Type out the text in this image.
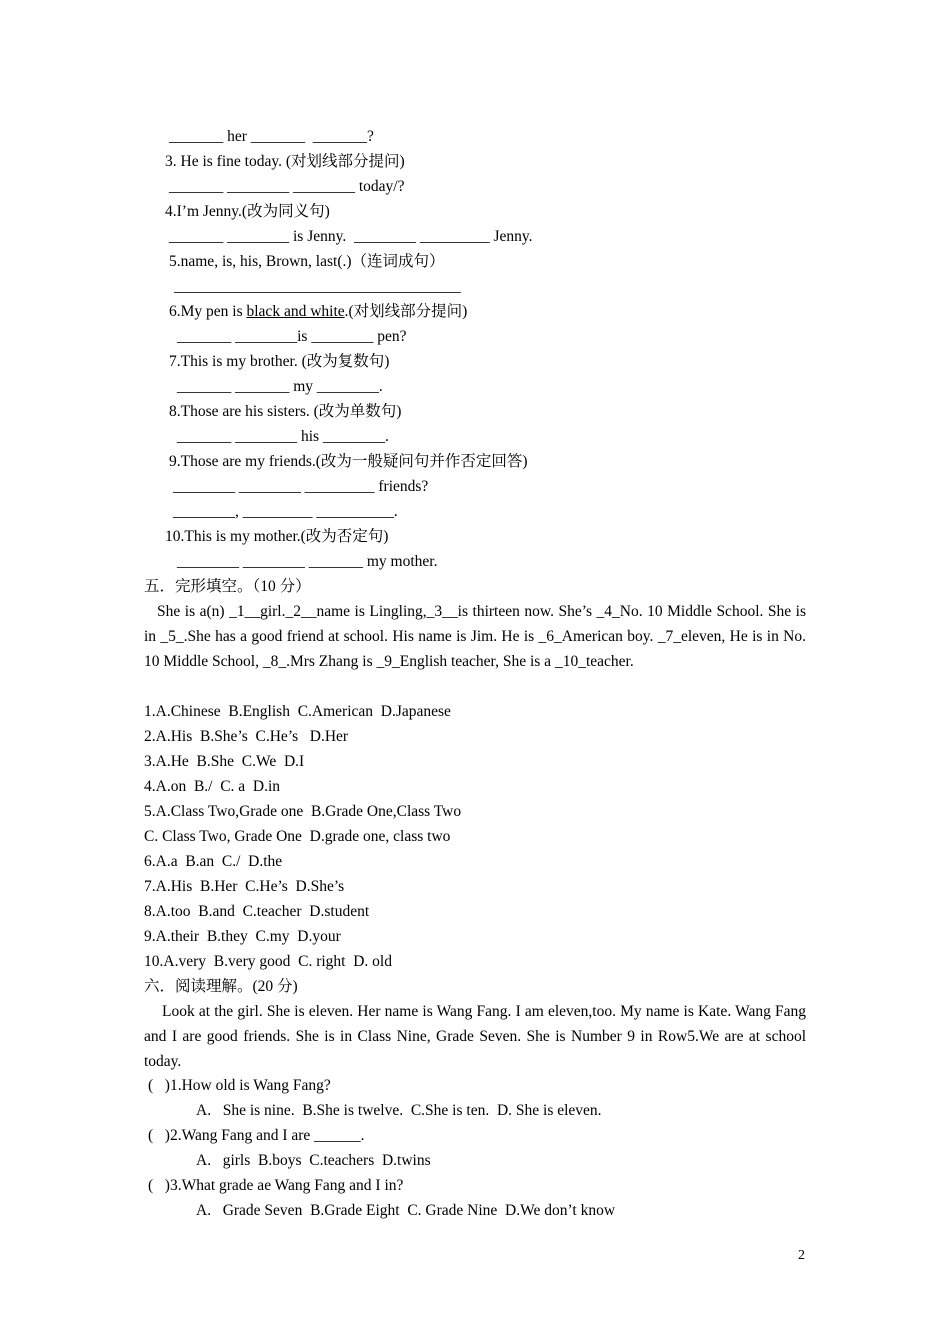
_______ her _______  _______?
3. He is fine today. (对划线部分提问)
_______ ________ ________ today/?
4.I’m Jenny.(改为同义句)
_______ ________ is Jenny.  ________ _________ Jenny.
5.name, is, his, Brown, last(.)（连词成句）
_____________________________________
6.My pen is black and white.(对划线部分提问)
_______ ________is ________ pen?
7.This is my brother. (改为复数句)
_______ _______ my ________.
8.Those are his sisters. (改为单数句)
_______ ________ his ________.
9.Those are my friends.(改为一般疑问句并作否定回答)
________ ________ _________ friends?
________, _________ __________.
10.This is my mother.(改为否定句)
________ ________ _______ my mother.
五．完形填空。（10 分）
She is a(n) _1__girl._2__name is Lingling,_3__is thirteen now. She’s _4_No. 10 Middle School. She is in _5_.She has a good friend at school. His name is Jim. He is _6_American boy. _7_eleven, He is in No. 10 Middle School, _8_.Mrs Zhang is _9_English teacher, She is a _10_teacher.
1.A.Chinese  B.English  C.American  D.Japanese
2.A.His  B.She’s  C.He’s   D.Her
3.A.He  B.She  C.We  D.I
4.A.on  B./  C. a  D.in
5.A.Class Two,Grade one  B.Grade One,Class Two
C. Class Two, Grade One  D.grade one, class two
6.A.a  B.an  C./  D.the
7.A.His  B.Her  C.He’s  D.She’s
8.A.too  B.and  C.teacher  D.student
9.A.their  B.they  C.my  D.your
10.A.very  B.very good  C. right  D. old
六．阅读理解。(20 分)
Look at the girl. She is eleven. Her name is Wang Fang. I am eleven,too. My name is Kate. Wang Fang and I are good friends. She is in Class Nine, Grade Seven. She is Number 9 in Row5.We are at school today.
(   )1.How old is Wang Fang?
A.   She is nine.  B.She is twelve.  C.She is ten.  D. She is eleven.
(   )2.Wang Fang and I are ______.
A.   girls  B.boys  C.teachers  D.twins
(   )3.What grade ae Wang Fang and I in?
A.   Grade Seven  B.Grade Eight  C. Grade Nine  D.We don’t know
2
